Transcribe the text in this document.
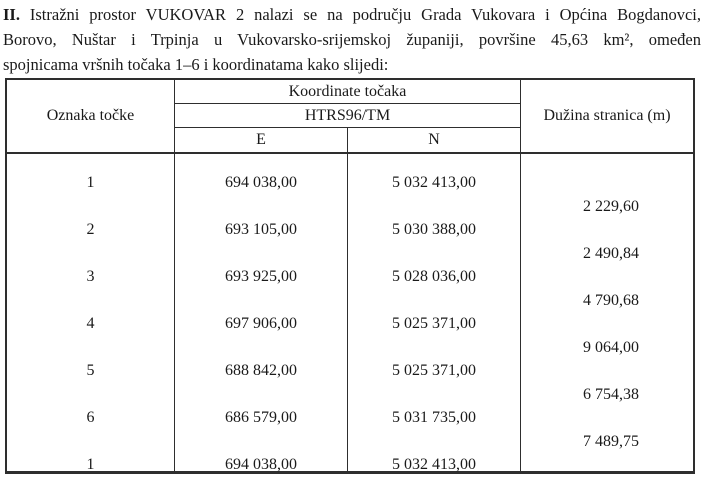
II. Istražni prostor VUKOVAR 2 nalazi se na području Grada Vukovara i Općina Bogdanovci,
Borovo, Nuštar i Trpinja u Vukovarsko-srijemskoj županiji, površine 45,63 km², omeđen
spojnicama vršnih točaka 1–6 i koordinatama kako slijedi:
Oznaka točke
Koordinate točaka
HTRS96/TM
E	N
Dužina stranica (m)
1
2
3
4
5
6
1
694 038,00
693 105,00
693 925,00
697 906,00
688 842,00
686 579,00
694 038,00
5 032 413,00
5 030 388,00
5 028 036,00
5 025 371,00
5 025 371,00
5 031 735,00
5 032 413,00
2 229,60
2 490,84
4 790,68
9 064,00
6 754,38
7 489,75
